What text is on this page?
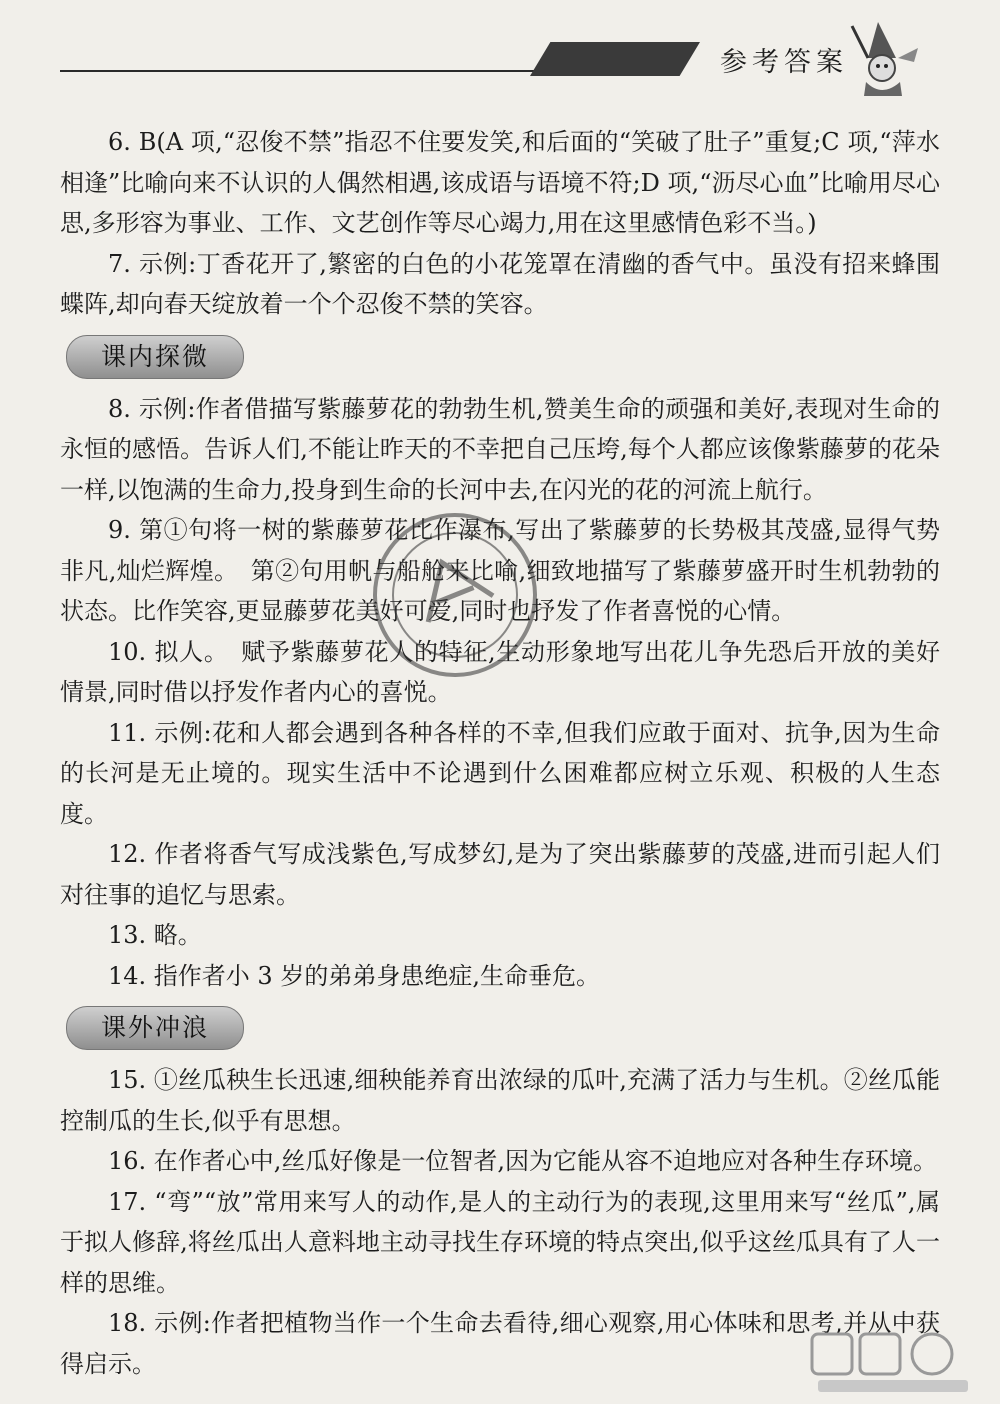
参考答案

6. B(A 项,“忍俊不禁”指忍不住要发笑,和后面的“笑破了肚子”重复;C 项,“萍水相逢”比喻向来不认识的人偶然相遇,该成语与语境不符;D 项,“沥尽心血”比喻用尽心思,多形容为事业、工作、文艺创作等尽心竭力,用在这里感情色彩不当。)

7. 示例:丁香花开了,繁密的白色的小花笼罩在清幽的香气中。虽没有招来蜂围蝶阵,却向春天绽放着一个个忍俊不禁的笑容。

课内探微

8. 示例:作者借描写紫藤萝花的勃勃生机,赞美生命的顽强和美好,表现对生命的永恒的感悟。告诉人们,不能让昨天的不幸把自己压垮,每个人都应该像紫藤萝的花朵一样,以饱满的生命力,投身到生命的长河中去,在闪光的花的河流上航行。

9. 第①句将一树的紫藤萝花比作瀑布,写出了紫藤萝的长势极其茂盛,显得气势非凡,灿烂辉煌。　第②句用帆与船舱来比喻,细致地描写了紫藤萝盛开时生机勃勃的状态。比作笑容,更显藤萝花美好可爱,同时也抒发了作者喜悦的心情。

10. 拟人。　赋予紫藤萝花人的特征,生动形象地写出花儿争先恐后开放的美好情景,同时借以抒发作者内心的喜悦。

11. 示例:花和人都会遇到各种各样的不幸,但我们应敢于面对、抗争,因为生命的长河是无止境的。现实生活中不论遇到什么困难都应树立乐观、积极的人生态度。

12. 作者将香气写成浅紫色,写成梦幻,是为了突出紫藤萝的茂盛,进而引起人们对往事的追忆与思索。

13. 略。

14. 指作者小 3 岁的弟弟身患绝症,生命垂危。

课外冲浪

15. ①丝瓜秧生长迅速,细秧能养育出浓绿的瓜叶,充满了活力与生机。②丝瓜能控制瓜的生长,似乎有思想。

16. 在作者心中,丝瓜好像是一位智者,因为它能从容不迫地应对各种生存环境。

17. “弯”“放”常用来写人的动作,是人的主动行为的表现,这里用来写“丝瓜”,属于拟人修辞,将丝瓜出人意料地主动寻找生存环境的特点突出,似乎这丝瓜具有了人一样的思维。

18. 示例:作者把植物当作一个生命去看待,细心观察,用心体味和思考,并从中获得启示。
